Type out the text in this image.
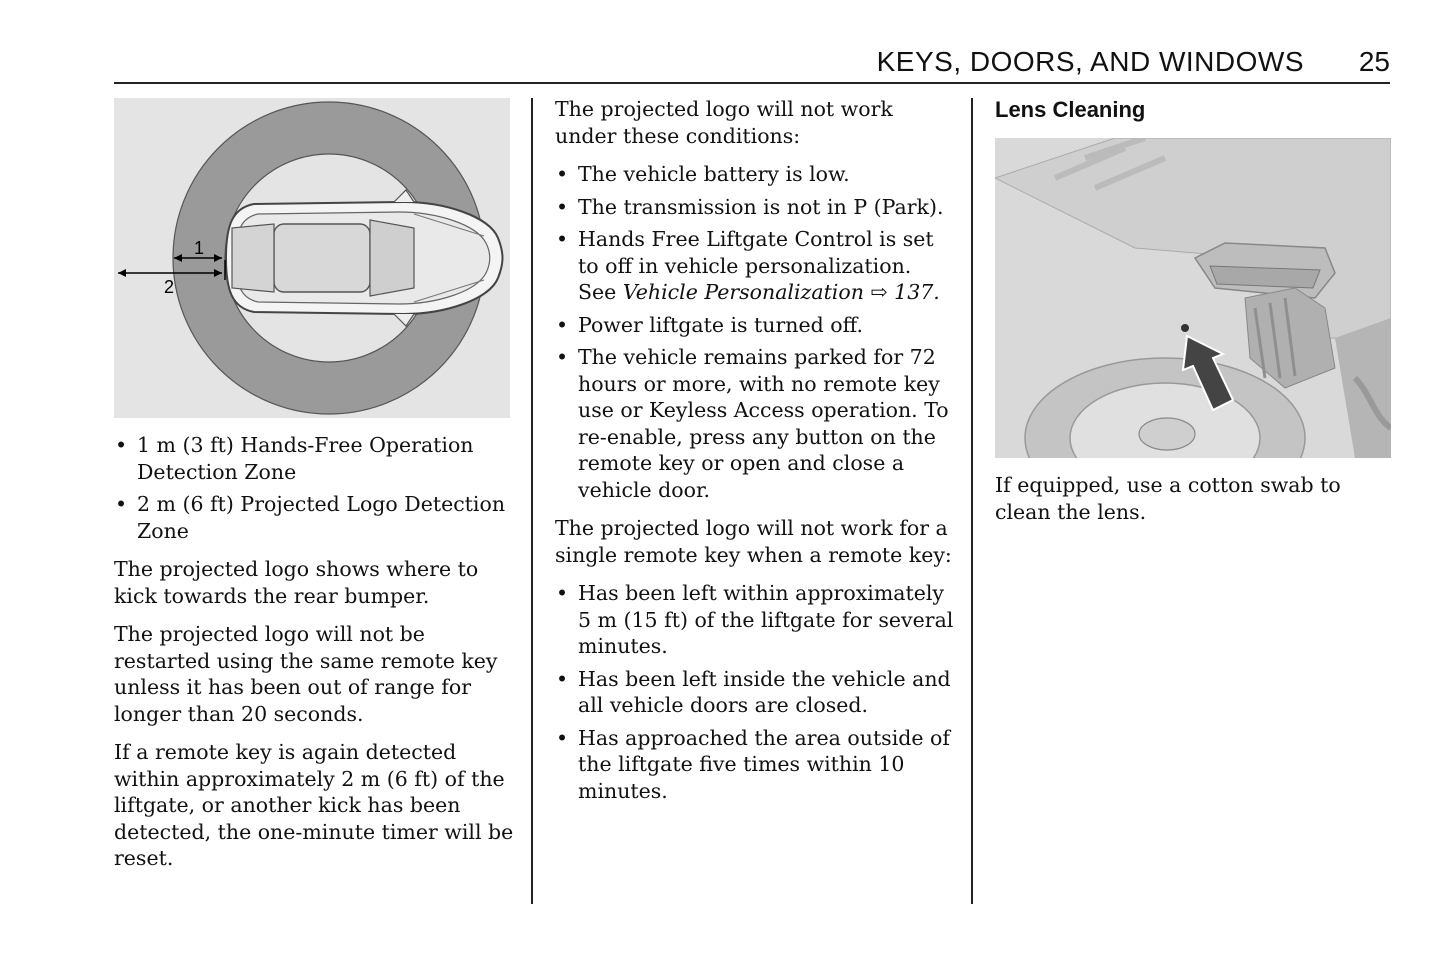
KEYS, DOORS, AND WINDOWS 25
1
2
• 1 m (3 ft) Hands-Free Operation Detection Zone
• 2 m (6 ft) Projected Logo Detection Zone

The projected logo shows where to kick towards the rear bumper.

The projected logo will not be restarted using the same remote key unless it has been out of range for longer than 20 seconds.

If a remote key is again detected within approximately 2 m (6 ft) of the liftgate, or another kick has been detected, the one-minute timer will be reset.

The projected logo will not work under these conditions:

• The vehicle battery is low.
• The transmission is not in P (Park).
• Hands Free Liftgate Control is set to off in vehicle personalization. See Vehicle Personalization ⇨ 137.
• Power liftgate is turned off.
• The vehicle remains parked for 72 hours or more, with no remote key use or Keyless Access operation. To re-enable, press any button on the remote key or open and close a vehicle door.

The projected logo will not work for a single remote key when a remote key:

• Has been left within approximately 5 m (15 ft) of the liftgate for several minutes.
• Has been left inside the vehicle and all vehicle doors are closed.
• Has approached the area outside of the liftgate five times within 10 minutes.
Lens Cleaning

If equipped, use a cotton swab to clean the lens.
